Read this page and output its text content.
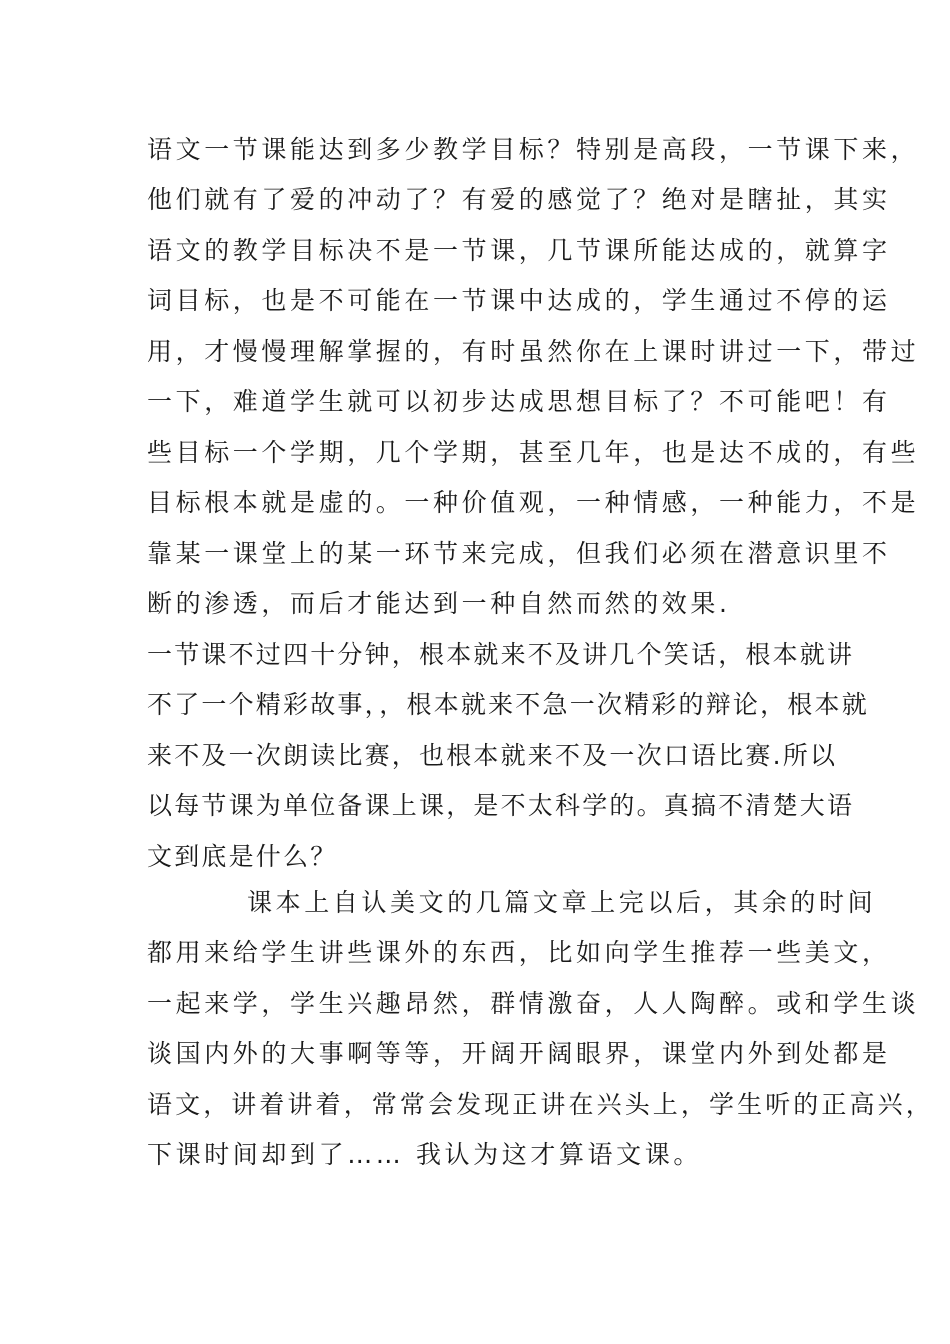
语文一节课能达到多少教学目标？特别是高段，一节课下来，
他们就有了爱的冲动了？有爱的感觉了？绝对是瞎扯，其实
语文的教学目标决不是一节课，几节课所能达成的，就算字
词目标，也是不可能在一节课中达成的，学生通过不停的运
用，才慢慢理解掌握的，有时虽然你在上课时讲过一下，带过
一下，难道学生就可以初步达成思想目标了？不可能吧！有
些目标一个学期，几个学期，甚至几年，也是达不成的，有些
目标根本就是虚的。一种价值观，一种情感，一种能力，不是
靠某一课堂上的某一环节来完成，但我们必须在潜意识里不
断的渗透，而后才能达到一种自然而然的效果.
一节课不过四十分钟，根本就来不及讲几个笑话，根本就讲
不了一个精彩故事，，根本就来不急一次精彩的辩论，根本就
来不及一次朗读比赛，也根本就来不及一次口语比赛.所以
以每节课为单位备课上课，是不太科学的。真搞不清楚大语
文到底是什么？
课本上自认美文的几篇文章上完以后，其余的时间
都用来给学生讲些课外的东西，比如向学生推荐一些美文，
一起来学，学生兴趣昂然，群情激奋，人人陶醉。或和学生谈
谈国内外的大事啊等等，开阔开阔眼界，课堂内外到处都是
语文，讲着讲着，常常会发现正讲在兴头上，学生听的正高兴，
下课时间却到了…… 我认为这才算语文课。
